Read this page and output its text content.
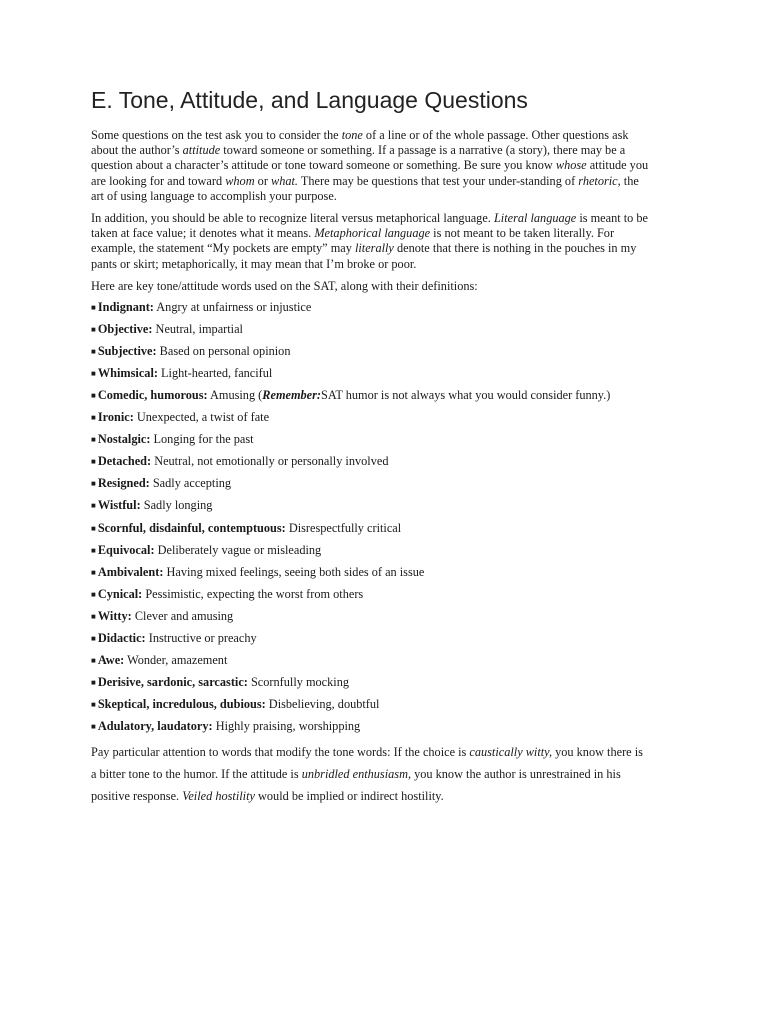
E. Tone, Attitude, and Language Questions

Some questions on the test ask you to consider the tone of a line or of the whole passage. Other questions ask about the author’s attitude toward someone or something. If a passage is a narrative (a story), there may be a question about a character’s attitude or tone toward someone or something. Be sure you know whose attitude you are looking for and toward whom or what. There may be questions that test your under-standing of rhetoric, the art of using language to accomplish your purpose.

In addition, you should be able to recognize literal versus metaphorical language. Literal language is meant to be taken at face value; it denotes what it means. Metaphorical language is not meant to be taken literally. For example, the statement “My pockets are empty” may literally denote that there is nothing in the pouches in my pants or skirt; metaphorically, it may mean that I’m broke or poor.

Here are key tone/attitude words used on the SAT, along with their definitions:

■ Indignant: Angry at unfairness or injustice
■ Objective: Neutral, impartial
■ Subjective: Based on personal opinion
■ Whimsical: Light-hearted, fanciful
■ Comedic, humorous: Amusing (Remember:SAT humor is not always what you would consider funny.)
■ Ironic: Unexpected, a twist of fate
■ Nostalgic: Longing for the past
■ Detached: Neutral, not emotionally or personally involved
■ Resigned: Sadly accepting
■ Wistful: Sadly longing
■ Scornful, disdainful, contemptuous: Disrespectfully critical
■ Equivocal: Deliberately vague or misleading
■ Ambivalent: Having mixed feelings, seeing both sides of an issue
■ Cynical: Pessimistic, expecting the worst from others
■ Witty: Clever and amusing
■ Didactic: Instructive or preachy
■ Awe: Wonder, amazement
■ Derisive, sardonic, sarcastic: Scornfully mocking
■ Skeptical, incredulous, dubious: Disbelieving, doubtful
■ Adulatory, laudatory: Highly praising, worshipping

Pay particular attention to words that modify the tone words: If the choice is caustically witty, you know there is a bitter tone to the humor. If the attitude is unbridled enthusiasm, you know the author is unrestrained in his positive response. Veiled hostility would be implied or indirect hostility.
